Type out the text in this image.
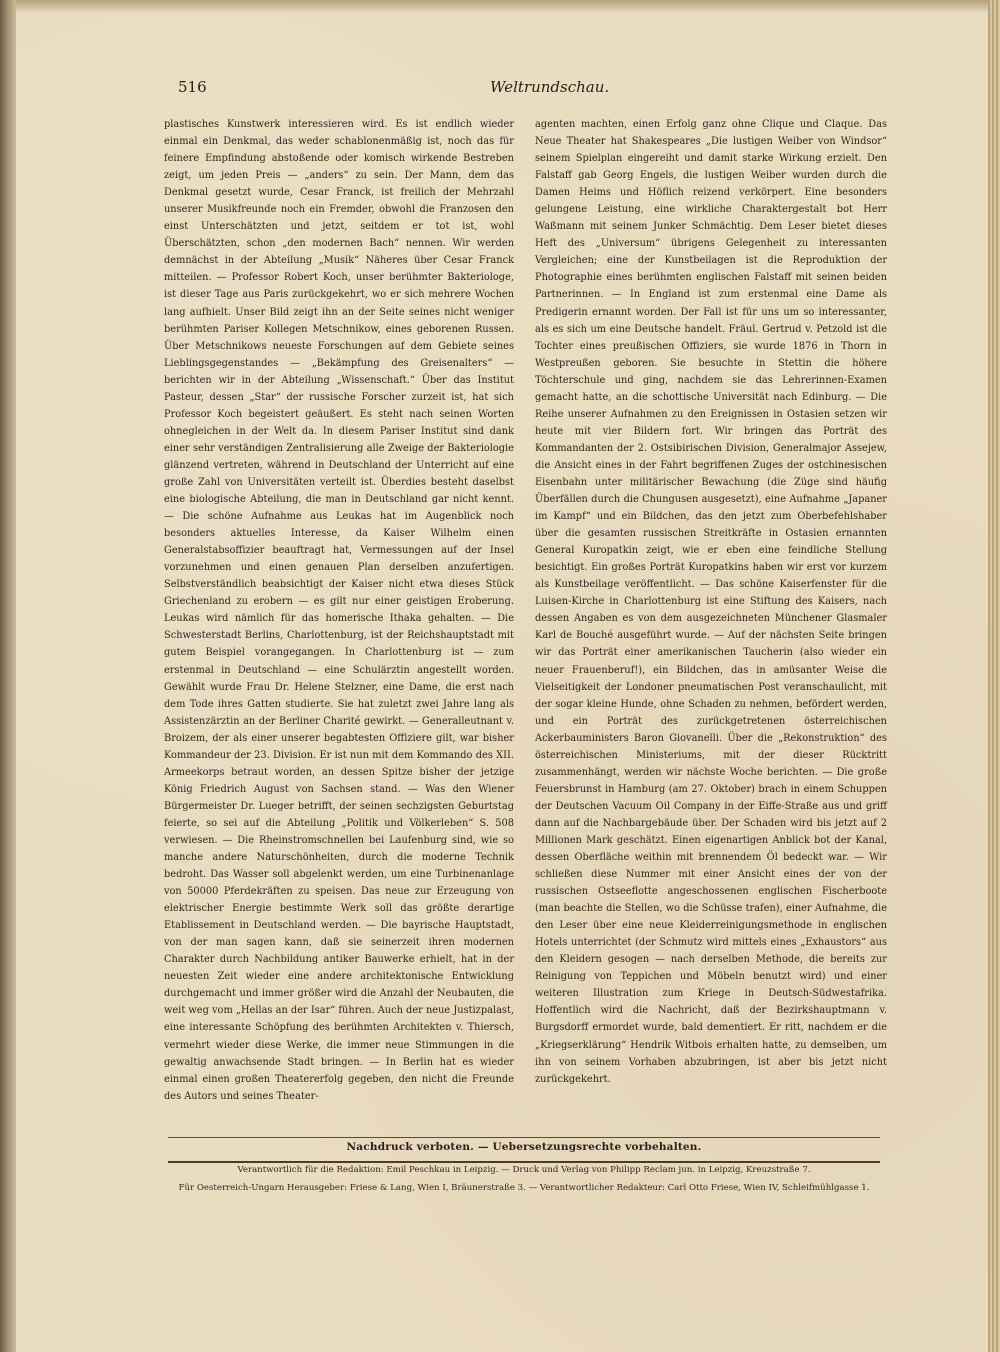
516	Weltrundschau.

plastisches Kunstwerk interessieren wird. Es ist endlich wieder einmal ein Denkmal, das weder schablonenmäßig ist, noch das für feinere Empfindung abstoßende oder komisch wirkende Bestreben zeigt, um jeden Preis — „anders“ zu sein. Der Mann, dem das Denkmal gesetzt wurde, Cesar Franck, ist freilich der Mehrzahl unserer Musikfreunde noch ein Fremder, obwohl die Franzosen den einst Unterschätzten und jetzt, seitdem er tot ist, wohl Überschätzten, schon „den modernen Bach“ nennen. Wir werden demnächst in der Abteilung „Musik“ Näheres über Cesar Franck mitteilen. — Professor Robert Koch, unser berühmter Bakteriologe, ist dieser Tage aus Paris zurückgekehrt, wo er sich mehrere Wochen lang aufhielt. Unser Bild zeigt ihn an der Seite seines nicht weniger berühmten Pariser Kollegen Metschnikow, eines geborenen Russen. Über Metschnikows neueste Forschungen auf dem Gebiete seines Lieblingsgegenstandes — „Bekämpfung des Greisenalters“ — berichten wir in der Abteilung „Wissenschaft.“ Über das Institut Pasteur, dessen „Star“ der russische Forscher zurzeit ist, hat sich Professor Koch begeistert geäußert. Es steht nach seinen Worten ohnegleichen in der Welt da. In diesem Pariser Institut sind dank einer sehr verständigen Zentralisierung alle Zweige der Bakteriologie glänzend vertreten, während in Deutschland der Unterricht auf eine große Zahl von Universitäten verteilt ist. Überdies besteht daselbst eine biologische Abteilung, die man in Deutschland gar nicht kennt. — Die schöne Aufnahme aus Leukas hat im Augenblick noch besonders aktuelles Interesse, da Kaiser Wilhelm einen Generalstabsoffizier beauftragt hat, Vermessungen auf der Insel vorzunehmen und einen genauen Plan derselben anzufertigen. Selbstverständlich beabsichtigt der Kaiser nicht etwa dieses Stück Griechenland zu erobern — es gilt nur einer geistigen Eroberung. Leukas wird nämlich für das homerische Ithaka gehalten. — Die Schwesterstadt Berlins, Charlottenburg, ist der Reichshauptstadt mit gutem Beispiel vorangegangen. In Charlottenburg ist — zum erstenmal in Deutschland — eine Schulärztin angestellt worden. Gewählt wurde Frau Dr. Helene Stelzner, eine Dame, die erst nach dem Tode ihres Gatten studierte. Sie hat zuletzt zwei Jahre lang als Assistenzärztin an der Berliner Charité gewirkt. — Generalleutnant v. Broizem, der als einer unserer begabtesten Offiziere gilt, war bisher Kommandeur der 23. Division. Er ist nun mit dem Kommando des XII. Armeekorps betraut worden, an dessen Spitze bisher der jetzige König Friedrich August von Sachsen stand. — Was den Wiener Bürgermeister Dr. Lueger betrifft, der seinen sechzigsten Geburtstag feierte, so sei auf die Abteilung „Politik und Völkerleben“ S. 508 verwiesen. — Die Rheinstromschnellen bei Laufenburg sind, wie so manche andere Naturschönheiten, durch die moderne Technik bedroht. Das Wasser soll abgelenkt werden, um eine Turbinenanlage von 50000 Pferdekräften zu speisen. Das neue zur Erzeugung von elektrischer Energie bestimmte Werk soll das größte derartige Etablissement in Deutschland werden. — Die bayrische Hauptstadt, von der man sagen kann, daß sie seinerzeit ihren modernen Charakter durch Nachbildung antiker Bauwerke erhielt, hat in der neuesten Zeit wieder eine andere architektonische Entwicklung durchgemacht und immer größer wird die Anzahl der Neubauten, die weit weg vom „Hellas an der Isar“ führen. Auch der neue Justizpalast, eine interessante Schöpfung des berühmten Architekten v. Thiersch, vermehrt wieder diese Werke, die immer neue Stimmungen in die gewaltig anwachsende Stadt bringen. — In Berlin hat es wieder einmal einen großen Theatererfolg gegeben, den nicht die Freunde des Autors und seines Theater-

agenten machten, einen Erfolg ganz ohne Clique und Claque. Das Neue Theater hat Shakespeares „Die lustigen Weiber von Windsor“ seinem Spielplan eingereiht und damit starke Wirkung erzielt. Den Falstaff gab Georg Engels, die lustigen Weiber wurden durch die Damen Heims und Höflich reizend verkörpert. Eine besonders gelungene Leistung, eine wirkliche Charaktergestalt bot Herr Waßmann mit seinem Junker Schmächtig. Dem Leser bietet dieses Heft des „Universum“ übrigens Gelegenheit zu interessanten Vergleichen; eine der Kunstbeilagen ist die Reproduktion der Photographie eines berühmten englischen Falstaff mit seinen beiden Partnerinnen. — In England ist zum erstenmal eine Dame als Predigerin ernannt worden. Der Fall ist für uns um so interessanter, als es sich um eine Deutsche handelt. Fräul. Gertrud v. Petzold ist die Tochter eines preußischen Offiziers, sie wurde 1876 in Thorn in Westpreußen geboren. Sie besuchte in Stettin die höhere Töchterschule und ging, nachdem sie das Lehrerinnen-Examen gemacht hatte, an die schottische Universität nach Edinburg. — Die Reihe unserer Aufnahmen zu den Ereignissen in Ostasien setzen wir heute mit vier Bildern fort. Wir bringen das Porträt des Kommandanten der 2. Ostsibirischen Division, Generalmajor Assejew, die Ansicht eines in der Fahrt begriffenen Zuges der ostchinesischen Eisenbahn unter militärischer Bewachung (die Züge sind häufig Überfällen durch die Chungusen ausgesetzt), eine Aufnahme „Japaner im Kampf“ und ein Bildchen, das den jetzt zum Oberbefehlshaber über die gesamten russischen Streitkräfte in Ostasien ernannten General Kuropatkin zeigt, wie er eben eine feindliche Stellung besichtigt. Ein großes Porträt Kuropatkins haben wir erst vor kurzem als Kunstbeilage veröffentlicht. — Das schöne Kaiserfenster für die Luisen-Kirche in Charlottenburg ist eine Stiftung des Kaisers, nach dessen Angaben es von dem ausgezeichneten Münchener Glasmaler Karl de Bouché ausgeführt wurde. — Auf der nächsten Seite bringen wir das Porträt einer amerikanischen Taucherin (also wieder ein neuer Frauenberuf!), ein Bildchen, das in amüsanter Weise die Vielseitigkeit der Londoner pneumatischen Post veranschaulicht, mit der sogar kleine Hunde, ohne Schaden zu nehmen, befördert werden, und ein Porträt des zurückgetretenen österreichischen Ackerbauministers Baron Giovanelli. Über die „Rekonstruktion“ des österreichischen Ministeriums, mit der dieser Rücktritt zusammenhängt, werden wir nächste Woche berichten. — Die große Feuersbrunst in Hamburg (am 27. Oktober) brach in einem Schuppen der Deutschen Vacuum Oil Company in der Eiffe-Straße aus und griff dann auf die Nachbargebäude über. Der Schaden wird bis jetzt auf 2 Millionen Mark geschätzt. Einen eigenartigen Anblick bot der Kanal, dessen Oberfläche weithin mit brennendem Öl bedeckt war. — Wir schließen diese Nummer mit einer Ansicht eines der von der russischen Ostseeflotte angeschossenen englischen Fischerboote (man beachte die Stellen, wo die Schüsse trafen), einer Aufnahme, die den Leser über eine neue Kleiderreinigungsmethode in englischen Hotels unterrichtet (der Schmutz wird mittels eines „Exhaustors“ aus den Kleidern gesogen — nach derselben Methode, die bereits zur Reinigung von Teppichen und Möbeln benutzt wird) und einer weiteren Illustration zum Kriege in Deutsch-Südwestafrika. Hoffentlich wird die Nachricht, daß der Bezirkshauptmann v. Burgsdorff ermordet wurde, bald dementiert. Er ritt, nachdem er die „Kriegserklärung“ Hendrik Witbois erhalten hatte, zu demselben, um ihn von seinem Vorhaben abzubringen, ist aber bis jetzt nicht zurückgekehrt.

Nachdruck verboten. — Uebersetzungsrechte vorbehalten.
Verantwortlich für die Redaktion: Emil Peschkau in Leipzig. — Druck und Verlag von Philipp Reclam jun. in Leipzig, Kreuzstraße 7.
Für Oesterreich-Ungarn Herausgeber: Friese & Lang, Wien I, Bräunerstraße 3. — Verantwortlicher Redakteur: Carl Otto Friese, Wien IV, Schleifmühlgasse 1.
